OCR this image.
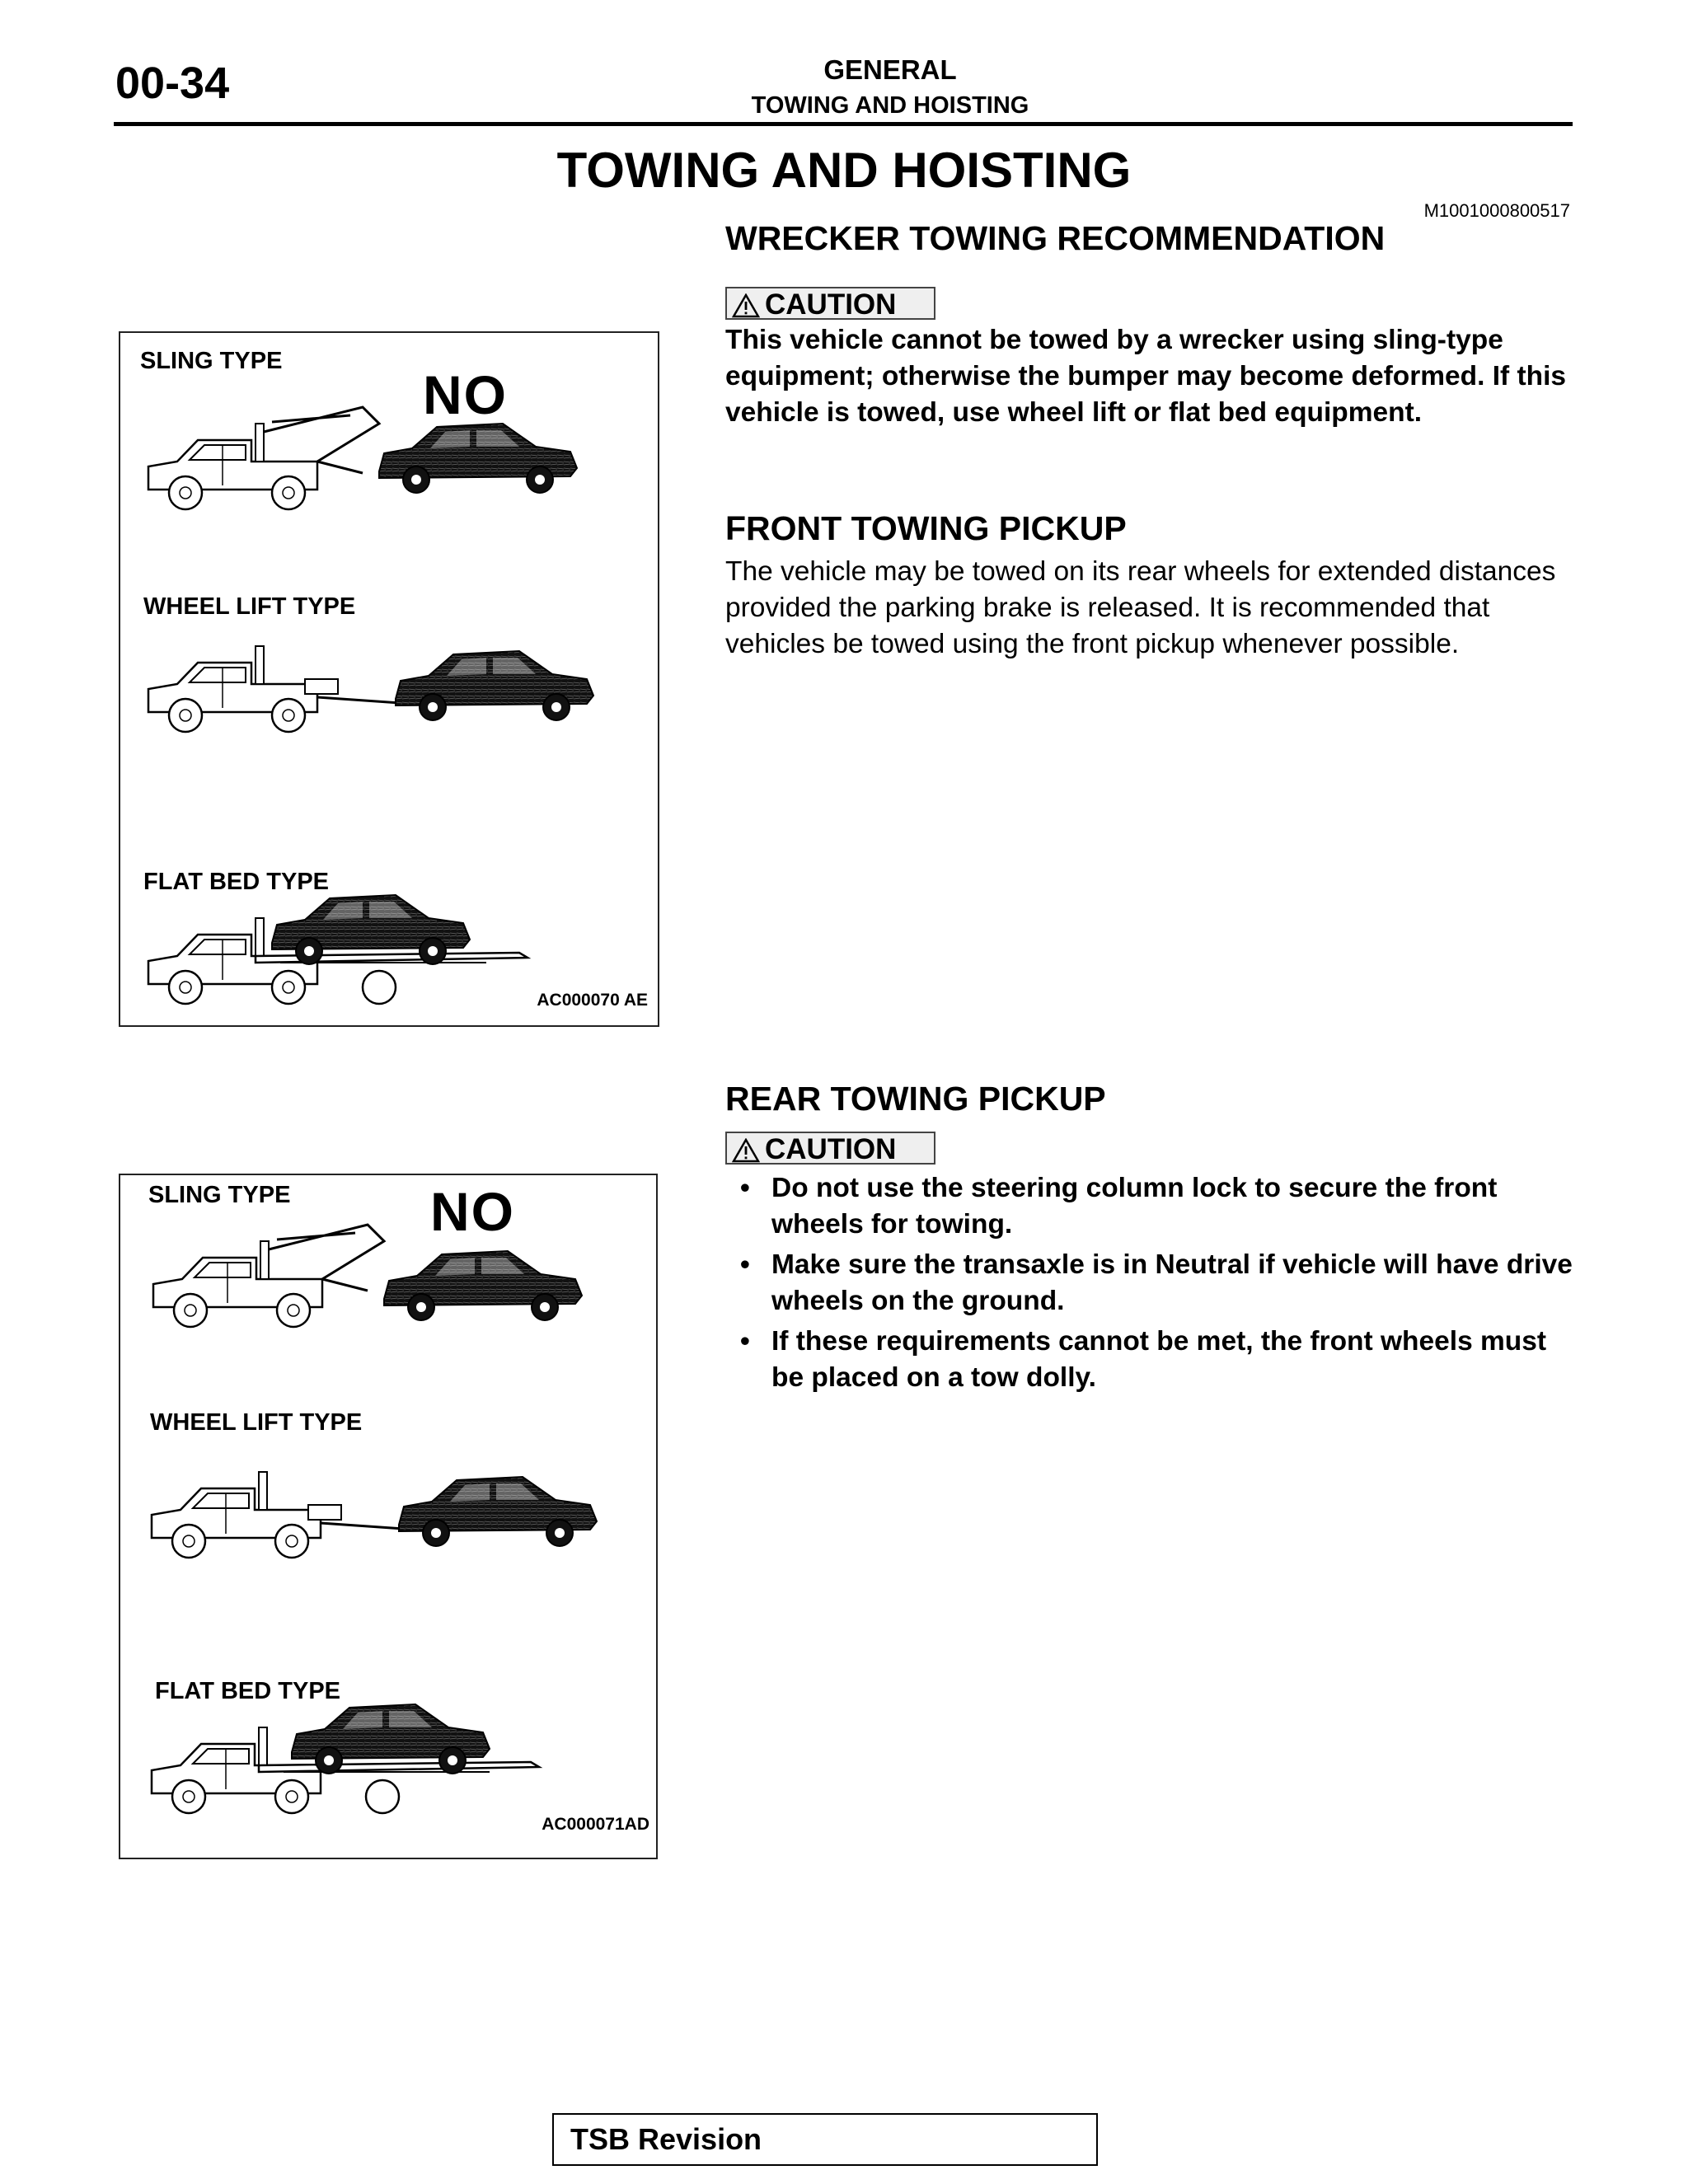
00-34	GENERAL
TOWING AND HOISTING
TOWING AND HOISTING
M1001000800517
WRECKER TOWING RECOMMENDATION
CAUTION
This vehicle cannot be towed by a wrecker using sling-type equipment; otherwise the bumper may become deformed. If this vehicle is towed, use wheel lift or flat bed equipment.
FRONT TOWING PICKUP
The vehicle may be towed on its rear wheels for extended distances provided the parking brake is released. It is recommended that vehicles be towed using the front pickup whenever possible.
REAR TOWING PICKUP
CAUTION
• Do not use the steering column lock to secure the front wheels for towing.
• Make sure the transaxle is in Neutral if vehicle will have drive wheels on the ground.
• If these requirements cannot be met, the front wheels must be placed on a tow dolly.
SLING TYPE
NO
WHEEL LIFT TYPE
FLAT BED TYPE
AC000070 AE
SLING TYPE	NO
WHEEL LIFT TYPE
FLAT BED TYPE
AC000071AD
TSB Revision
